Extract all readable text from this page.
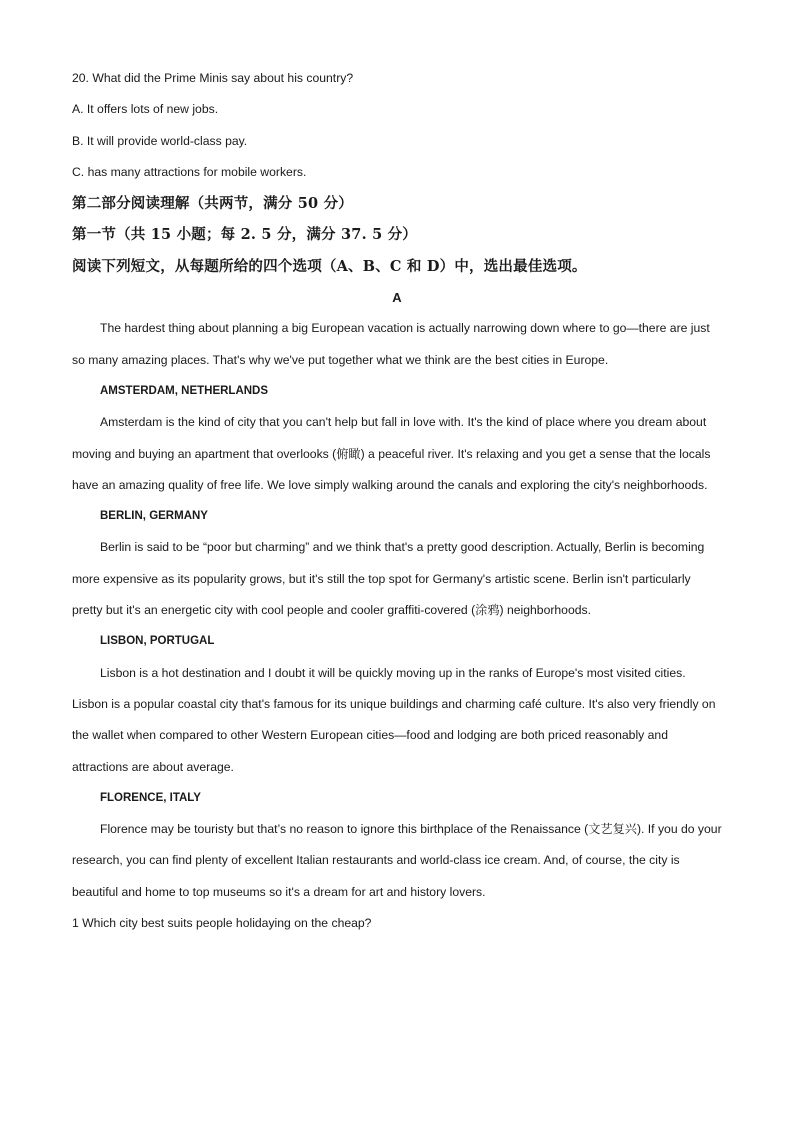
20. What did the Prime Minis say about his country?

A. It offers lots of new jobs.

B. It will provide world-class pay.

C. has many attractions for mobile workers.

第二部分阅读理解（共两节，满分 50 分）

第一节（共 15 小题；每 2. 5 分，满分 37. 5 分）

阅读下列短文，从每题所给的四个选项（A、B、C 和 D）中，选出最佳选项。

A

The hardest thing about planning a big European vacation is actually narrowing down where to go—there are just so many amazing places. That's why we've put together what we think are the best cities in Europe.

AMSTERDAM, NETHERLANDS

Amsterdam is the kind of city that you can't help but fall in love with. It's the kind of place where you dream about moving and buying an apartment that overlooks (俯瞰) a peaceful river. It's relaxing and you get a sense that the locals have an amazing quality of free life. We love simply walking around the canals and exploring the city's neighborhoods.

BERLIN, GERMANY

Berlin is said to be “poor but charming” and we think that's a pretty good description. Actually, Berlin is becoming more expensive as its popularity grows, but it's still the top spot for Germany's artistic scene. Berlin isn't particularly pretty but it's an energetic city with cool people and cooler graffiti-covered (涂鸦) neighborhoods.

LISBON, PORTUGAL

Lisbon is a hot destination and I doubt it will be quickly moving up in the ranks of Europe's most visited cities. Lisbon is a popular coastal city that's famous for its unique buildings and charming café culture. It's also very friendly on the wallet when compared to other Western European cities—food and lodging are both priced reasonably and attractions are about average.

FLORENCE, ITALY

Florence may be touristy but that’s no reason to ignore this birthplace of the Renaissance (文艺复兴). If you do your research, you can find plenty of excellent Italian restaurants and world-class ice cream. And, of course, the city is beautiful and home to top museums so it's a dream for art and history lovers.

1 Which city best suits people holidaying on the cheap?
